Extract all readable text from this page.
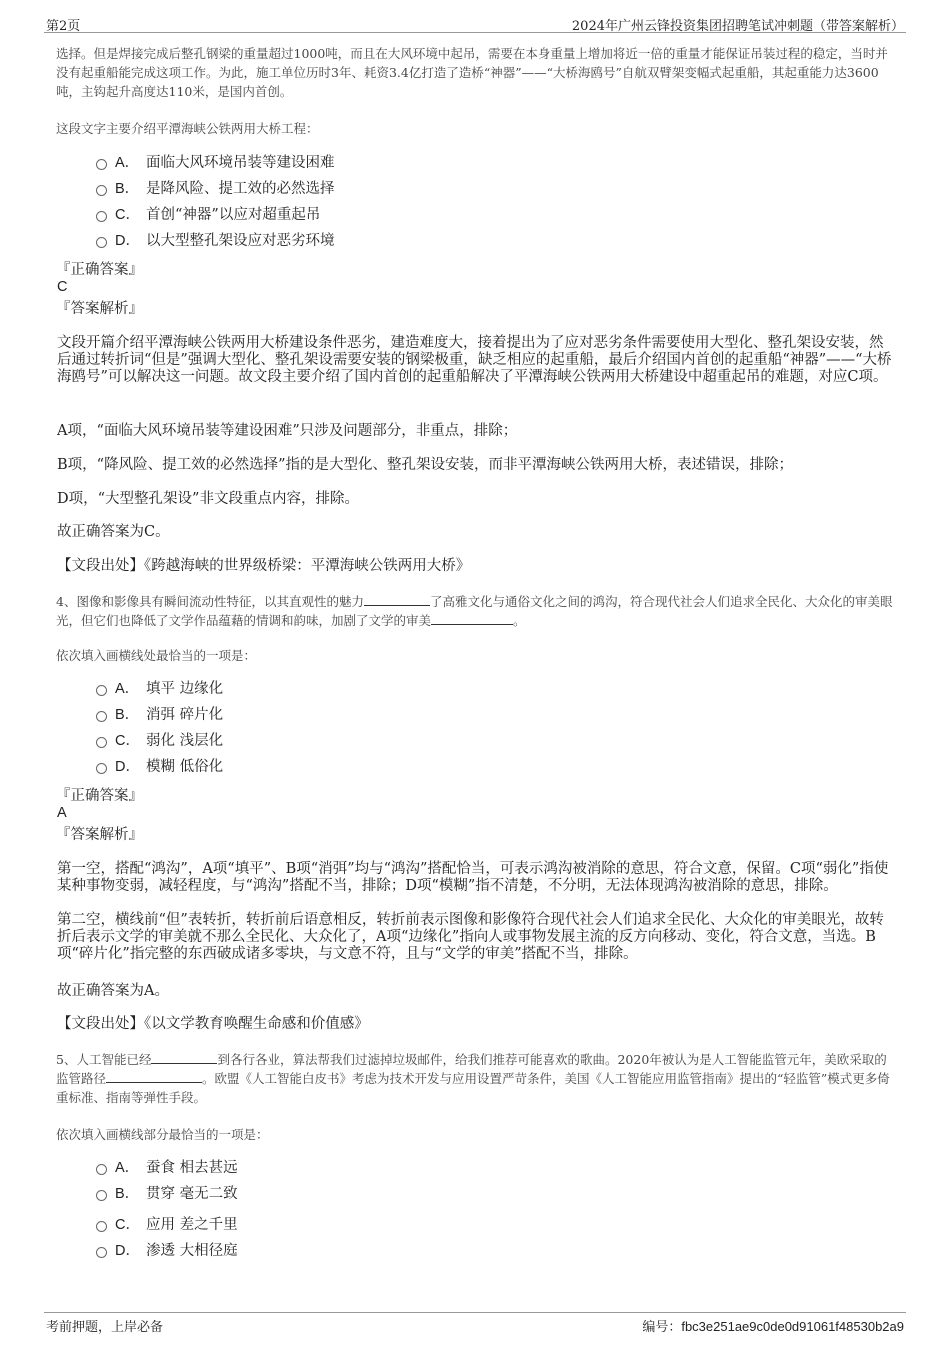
第2页	2024年广州云锋投资集团招聘笔试冲刺题（带答案解析）

选择。但是焊接完成后整孔钢梁的重量超过1000吨，而且在大风环境中起吊，需要在本身重量上增加将近一倍的重量才能保证吊装过程的稳定，当时并没有起重船能完成这项工作。为此，施工单位历时3年、耗资3.4亿打造了造桥“神器”——“大桥海鸥号”自航双臂架变幅式起重船，其起重能力达3600吨，主钩起升高度达110米，是国内首创。

这段文字主要介绍平潭海峡公铁两用大桥工程：

A． 面临大风环境吊装等建设困难
B． 是降风险、提工效的必然选择
C． 首创“神器”以应对超重起吊
D． 以大型整孔架设应对恶劣环境

『正确答案』

C

『答案解析』

文段开篇介绍平潭海峡公铁两用大桥建设条件恶劣，建造难度大，接着提出为了应对恶劣条件需要使用大型化、整孔架设安装，然后通过转折词“但是”强调大型化、整孔架设需要安装的钢梁极重，缺乏相应的起重船，最后介绍国内首创的起重船“神器”——“大桥海鸥号”可以解决这一问题。故文段主要介绍了国内首创的起重船解决了平潭海峡公铁两用大桥建设中超重起吊的难题，对应C项。

A项，“面临大风环境吊装等建设困难”只涉及问题部分，非重点，排除；

B项，“降风险、提工效的必然选择”指的是大型化、整孔架设安装，而非平潭海峡公铁两用大桥，表述错误，排除；

D项，“大型整孔架设”非文段重点内容，排除。

故正确答案为C。

【文段出处】《跨越海峡的世界级桥梁：平潭海峡公铁两用大桥》

4、图像和影像具有瞬间流动性特征，以其直观性的魅力	了高雅文化与通俗文化之间的鸿沟，符合现代社会人们追求全民化、大众化的审美眼光，但它们也降低了文学作品蕴藉的情调和韵味，加剧了文学的审美	。

依次填入画横线处最恰当的一项是：

A． 填平 边缘化
B． 消弭 碎片化
C． 弱化 浅层化
D． 模糊 低俗化

『正确答案』

A

『答案解析』

第一空，搭配“鸿沟”，A项“填平”、B项“消弭”均与“鸿沟”搭配恰当，可表示鸿沟被消除的意思，符合文意，保留。C项“弱化”指使某种事物变弱，减轻程度，与“鸿沟”搭配不当，排除；D项“模糊”指不清楚，不分明，无法体现鸿沟被消除的意思，排除。

第二空，横线前“但”表转折，转折前后语意相反，转折前表示图像和影像符合现代社会人们追求全民化、大众化的审美眼光，故转折后表示文学的审美就不那么全民化、大众化了，A项“边缘化”指向人或事物发展主流的反方向移动、变化，符合文意，当选。B项“碎片化”指完整的东西破成诸多零块，与文意不符，且与“文学的审美”搭配不当，排除。

故正确答案为A。

【文段出处】《以文学教育唤醒生命感和价值感》

5、人工智能已经	到各行各业，算法帮我们过滤掉垃圾邮件，给我们推荐可能喜欢的歌曲。2020年被认为是人工智能监管元年，美欧采取的监管路径	。欧盟《人工智能白皮书》考虑为技术开发与应用设置严苛条件，美国《人工智能应用监管指南》提出的“轻监管”模式更多倚重标准、指南等弹性手段。

依次填入画横线部分最恰当的一项是：

A． 蚕食 相去甚远
B． 贯穿 毫无二致
C． 应用 差之千里
D． 渗透 大相径庭
考前押题，上岸必备	编号：fbc3e251ae9c0de0d91061f48530b2a9
